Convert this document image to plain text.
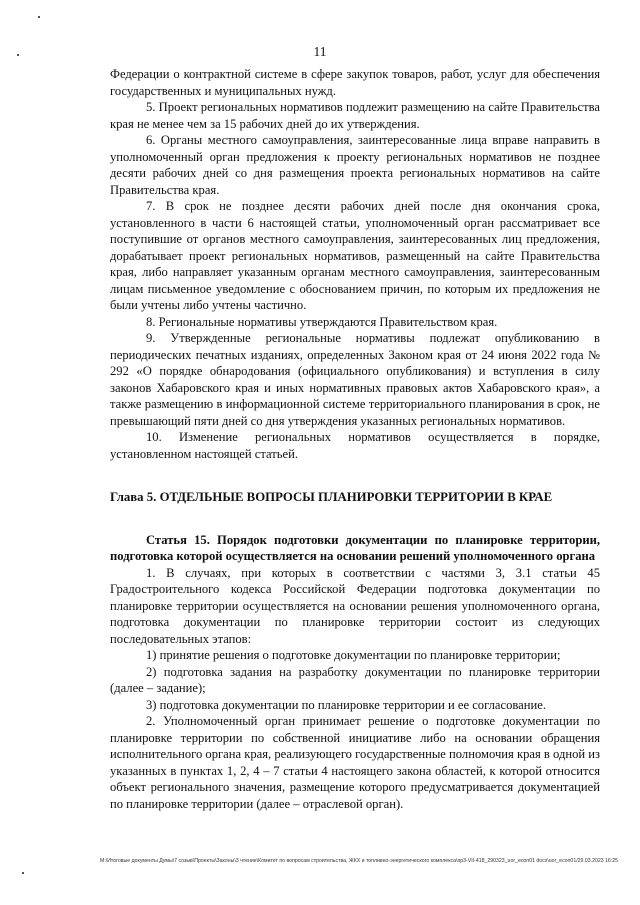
11

Федерации о контрактной системе в сфере закупок товаров, работ, услуг для обеспечения государственных и муниципальных нужд.

5. Проект региональных нормативов подлежит размещению на сайте Правительства края не менее чем за 15 рабочих дней до их утверждения.

6. Органы местного самоуправления, заинтересованные лица вправе направить в уполномоченный орган предложения к проекту региональных нормативов не позднее десяти рабочих дней со дня размещения проекта региональных нормативов на сайте Правительства края.

7. В срок не позднее десяти рабочих дней после дня окончания срока, установленного в части 6 настоящей статьи, уполномоченный орган рассматривает все поступившие от органов местного самоуправления, заинтересованных лиц предложения, дорабатывает проект региональных нормативов, размещенный на сайте Правительства края, либо направляет указанным органам местного самоуправления, заинтересованным лицам письменное уведомление с обоснованием причин, по которым их предложения не были учтены либо учтены частично.

8. Региональные нормативы утверждаются Правительством края.

9. Утвержденные региональные нормативы подлежат опубликованию в периодических печатных изданиях, определенных Законом края от 24 июня 2022 года № 292 «О порядке обнародования (официального опубликования) и вступления в силу законов Хабаровского края и иных нормативных правовых актов Хабаровского края», а также размещению в информационной системе территориального планирования в срок, не превышающий пяти дней со дня утверждения указанных региональных нормативов.

10. Изменение региональных нормативов осуществляется в порядке, установленном настоящей статьей.

Глава 5. ОТДЕЛЬНЫЕ ВОПРОСЫ ПЛАНИРОВКИ ТЕРРИТОРИИ В КРАЕ

Статья 15. Порядок подготовки документации по планировке территории, подготовка которой осуществляется на основании решений уполномоченного органа

1. В случаях, при которых в соответствии с частями 3, 3.1 статьи 45 Градостроительного кодекса Российской Федерации подготовка документации по планировке территории осуществляется на основании решения уполномоченного органа, подготовка документации по планировке территории состоит из следующих последовательных этапов:

1) принятие решения о подготовке документации по планировке территории;

2) подготовка задания на разработку документации по планировке территории (далее – задание);

3) подготовка документации по планировке территории и ее согласование.

2. Уполномоченный орган принимает решение о подготовке документации по планировке территории по собственной инициативе либо на основании обращения исполнительного органа края, реализующего государственные полномочия края в одной из указанных в пунктах 1, 2, 4 – 7 статьи 4 настоящего закона областей, к которой относится объект регионального значения, размещение которого предусматривается документацией по планировке территории (далее – отраслевой орган).

M:\Итоговые документы Думы\7 созыв\Проекты\Законы\3 чтение\Комитет по вопросам строительства, ЖКХ и топливно-энергетического комплекса\пр3-VII-418_290323_uor_econ01 docx\uor_econ01/29.03.2023 16:25
